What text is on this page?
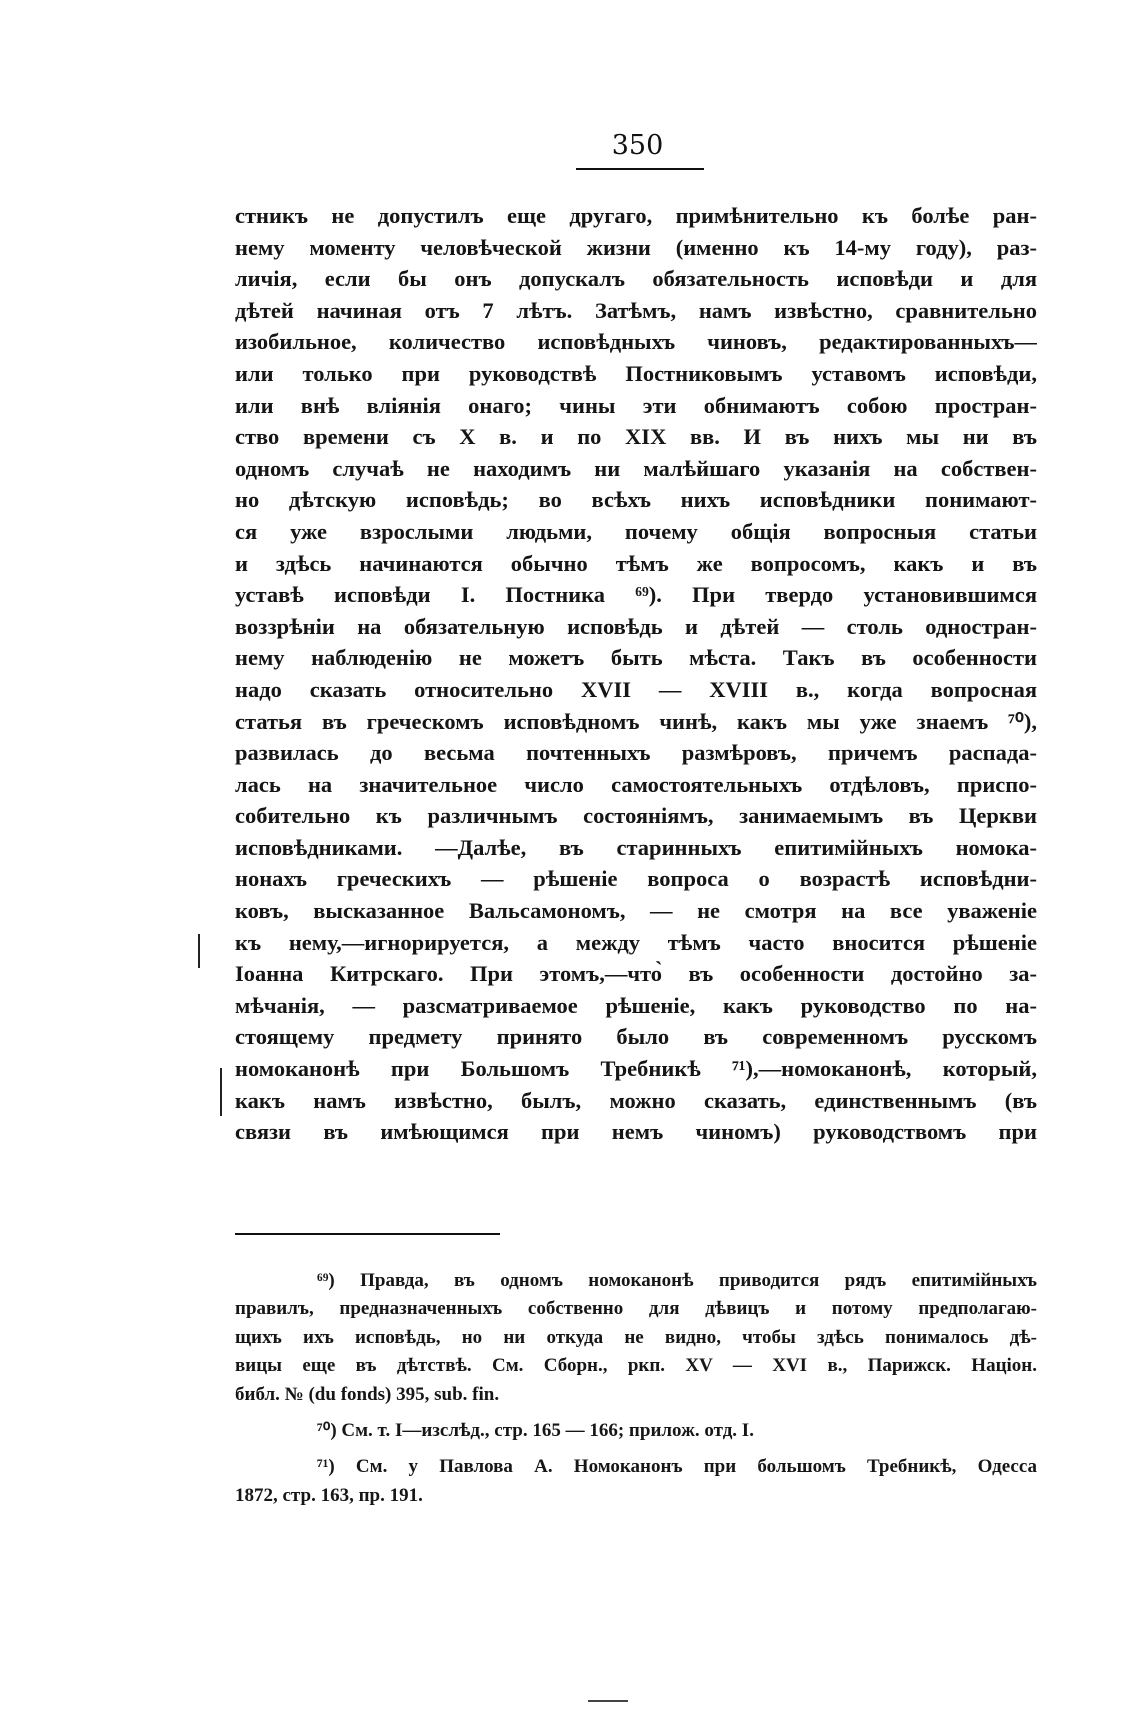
350
стникъ не допустилъ еще другаго, примѣнительно къ болѣе ран-
нему моменту человѣческой жизни (именно къ 14-му году), раз-
личія, если бы онъ допускалъ обязательность исповѣди и для
дѣтей начиная отъ 7 лѣтъ. Затѣмъ, намъ извѣстно, сравнительно
изобильное, количество исповѣдныхъ чиновъ, редактированныхъ—
или только при руководствѣ Постниковымъ уставомъ исповѣди,
или внѣ вліянія онаго; чины эти обнимаютъ собою простран-
ство времени съ X в. и по XIX вв. И въ нихъ мы ни въ
одномъ случаѣ не находимъ ни малѣйшаго указанія на собствен-
но дѣтскую исповѣдь; во всѣхъ нихъ исповѣдники понимают-
ся уже взрослыми людьми, почему общія вопросныя статьи
и здѣсь начинаются обычно тѣмъ же вопросомъ, какъ и въ
уставѣ исповѣди I. Постника ⁶⁹). При твердо установившимся
воззрѣніи на обязательную исповѣдь и дѣтей — столь одностран-
нему наблюденію не можетъ быть мѣста. Такъ въ особенности
надо сказать относительно XVII — XVIII в., когда вопросная
статья въ греческомъ исповѣдномъ чинѣ, какъ мы уже знаемъ ⁷⁰),
развилась до весьма почтенныхъ размѣровъ, причемъ распада-
лась на значительное число самостоятельныхъ отдѣловъ, приспо-
собительно къ различнымъ состояніямъ, занимаемымъ въ Церкви
исповѣдниками. —Далѣе, въ старинныхъ епитимійныхъ номока-
нонахъ греческихъ — рѣшеніе вопроса о возрастѣ исповѣдни-
ковъ, высказанное Вальсамономъ, — не смотря на все уваженіе
къ нему,—игнорируется, а между тѣмъ часто вносится рѣшеніе
Іоанна Китрскаго. При этомъ,—что̀ въ особенности достойно за-
мѣчанія, — разсматриваемое рѣшеніе, какъ руководство по на-
стоящему предмету принято было въ современномъ русскомъ
номоканонѣ при Большомъ Требникѣ ⁷¹),—номоканонѣ, который,
какъ намъ извѣстно, былъ, можно сказать, единственнымъ (въ
связи въ имѣющимся при немъ чиномъ) руководствомъ при
⁶⁹) Правда, въ одномъ номоканонѣ приводится рядъ епитимійныхъ
правилъ, предназначенныхъ собственно для дѣвицъ и потому предполагаю-
щихъ ихъ исповѣдь, но ни откуда не видно, чтобы здѣсь понималось дѣ-
вицы еще въ дѣтствѣ. См. Сборн., ркп. XV — XVI в., Парижск. Націон.
библ. № (du fonds) 395, sub. fin.
⁷⁰) См. т. I—изслѣд., стр. 165 — 166; прилож. отд. I.
⁷¹) См. у Павлова А. Номоканонъ при большомъ Требникѣ, Одесса
1872, стр. 163, пр. 191.
